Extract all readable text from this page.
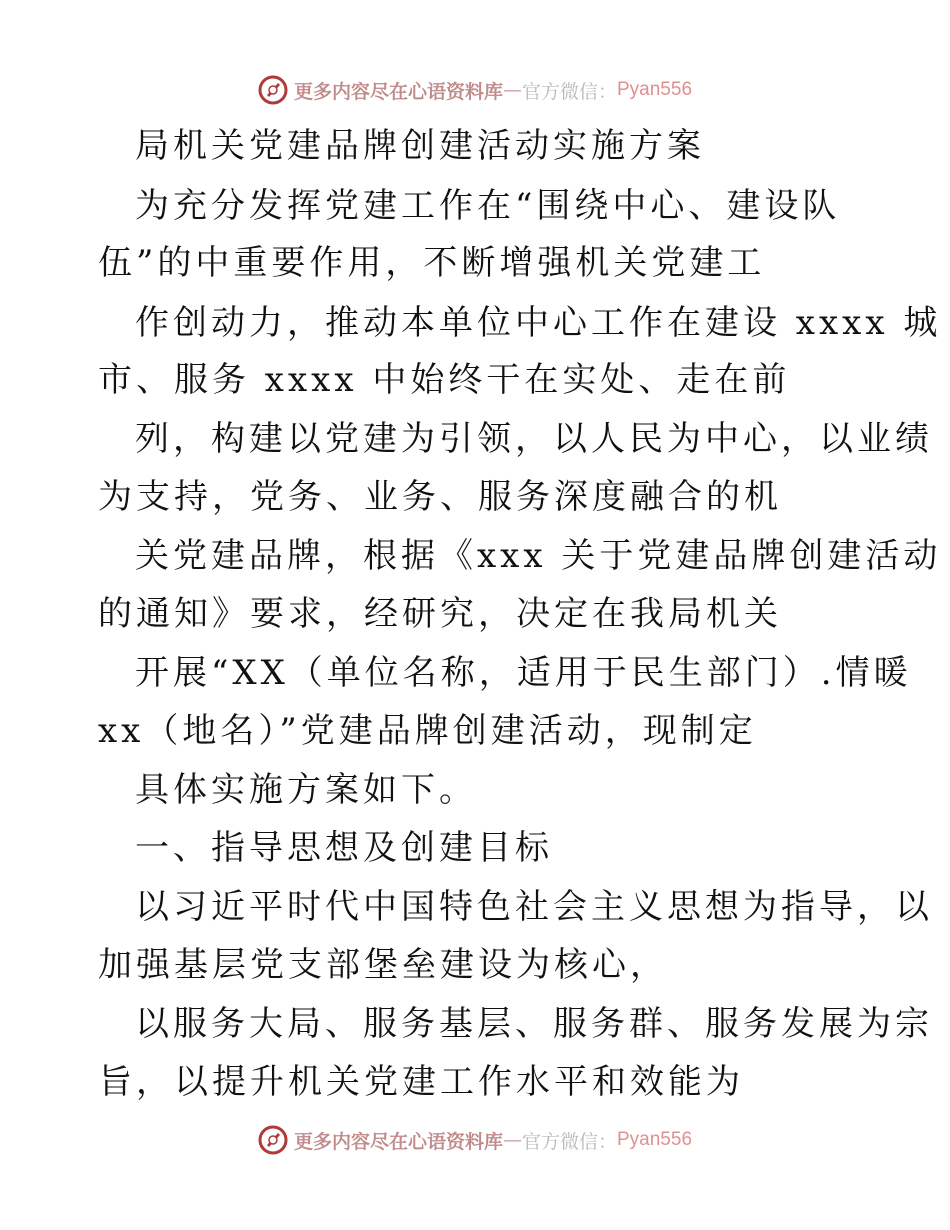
更多内容尽在心语资料库 — 官方微信： Pyan556
局机关党建品牌创建活动实施方案
为充分发挥党建工作在“围绕中心、建设队
伍”的中重要作用，不断增强机关党建工
作创动力，推动本单位中心工作在建设 xxxx 城
市、服务 xxxx 中始终干在实处、走在前
列，构建以党建为引领，以人民为中心，以业绩
为支持，党务、业务、服务深度融合的机
关党建品牌，根据《xxx 关于党建品牌创建活动
的通知》要求，经研究，决定在我局机关
开展“XX（单位名称，适用于民生部门）.情暖
xx（地名）”党建品牌创建活动，现制定
具体实施方案如下。
一、指导思想及创建目标
以习近平时代中国特色社会主义思想为指导，以
加强基层党支部堡垒建设为核心，
以服务大局、服务基层、服务群、服务发展为宗
旨，以提升机关党建工作水平和效能为
更多内容尽在心语资料库 — 官方微信： Pyan556
